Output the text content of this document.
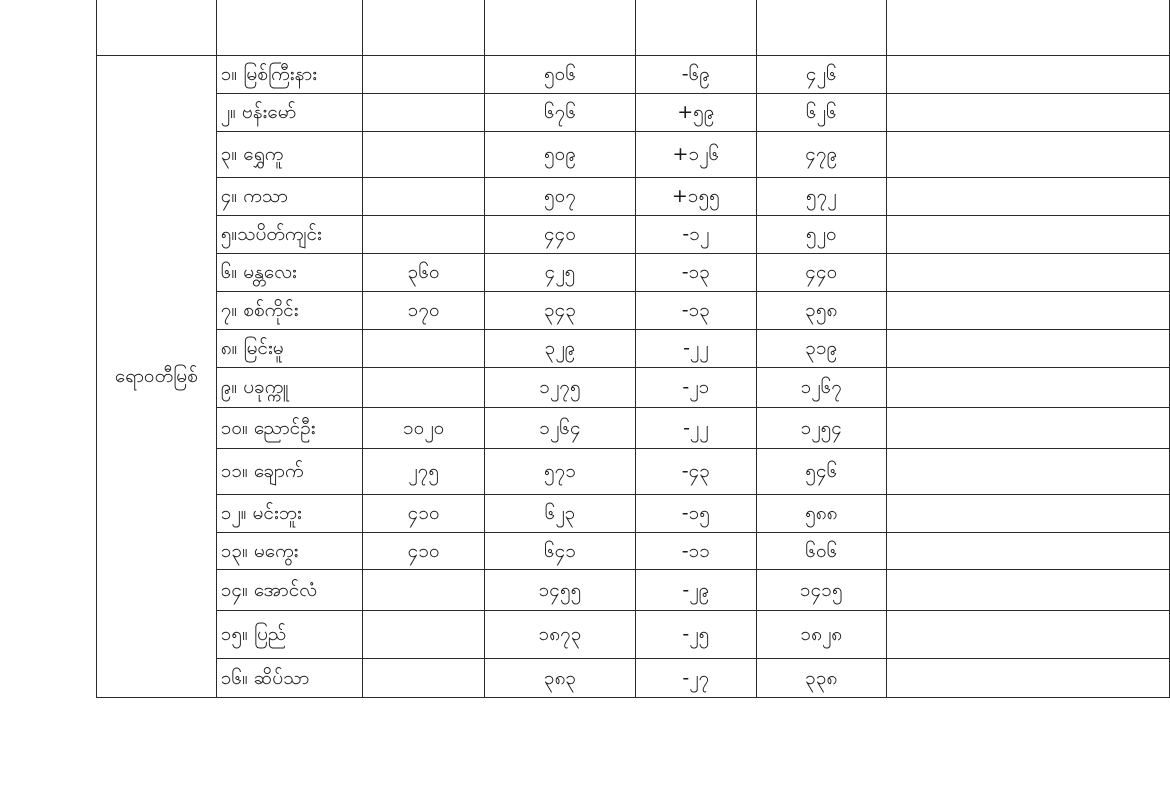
ရောဝတီမြစ်	၁။ မြစ်ကြီးနား		၅၀၆	-၆၉	၄၂၆	
	၂။ ဗန်းမော်		၆၇၆	+၅၉	၆၂၆	
	၃။ ရွှေကူ		၅၀၉	+၁၂၆	၄၇၉	
	၄။ ကသာ		၅၀၇	+၁၅၅	၅၇၂	
	၅။သပိတ်ကျင်း		၄၄၀	-၁၂	၅၂၀	
	၆။ မန္တလေး	၃၆၀	၄၂၅	-၁၃	၄၄၀	
	၇။ စစ်ကိုင်း	၁၇၀	၃၄၃	-၁၃	၃၅၈	
	၈။ မြင်းမူ		၃၂၉	-၂၂	၃၁၉	
	၉။ ပခုက္ကူ		၁၂၇၅	-၂၁	၁၂၆၇	
	၁၀။ ညောင်ဦး	၁၀၂၀	၁၂၆၄	-၂၂	၁၂၅၄	
	၁၁။ ချောက်	၂၇၅	၅၇၁	-၄၃	၅၄၆	
	၁၂။ မင်းဘူး	၄၁၀	၆၂၃	-၁၅	၅၈၈	
	၁၃။ မကွေး	၄၁၀	၆၄၁	-၁၁	၆၀၆	
	၁၄။ အောင်လံ		၁၄၅၅	-၂၉	၁၄၁၅	
	၁၅။ ပြည်		၁၈၇၃	-၂၅	၁၈၂၈	
	၁၆။ ဆိပ်သာ		၃၈၃	-၂၇	၃၃၈	
